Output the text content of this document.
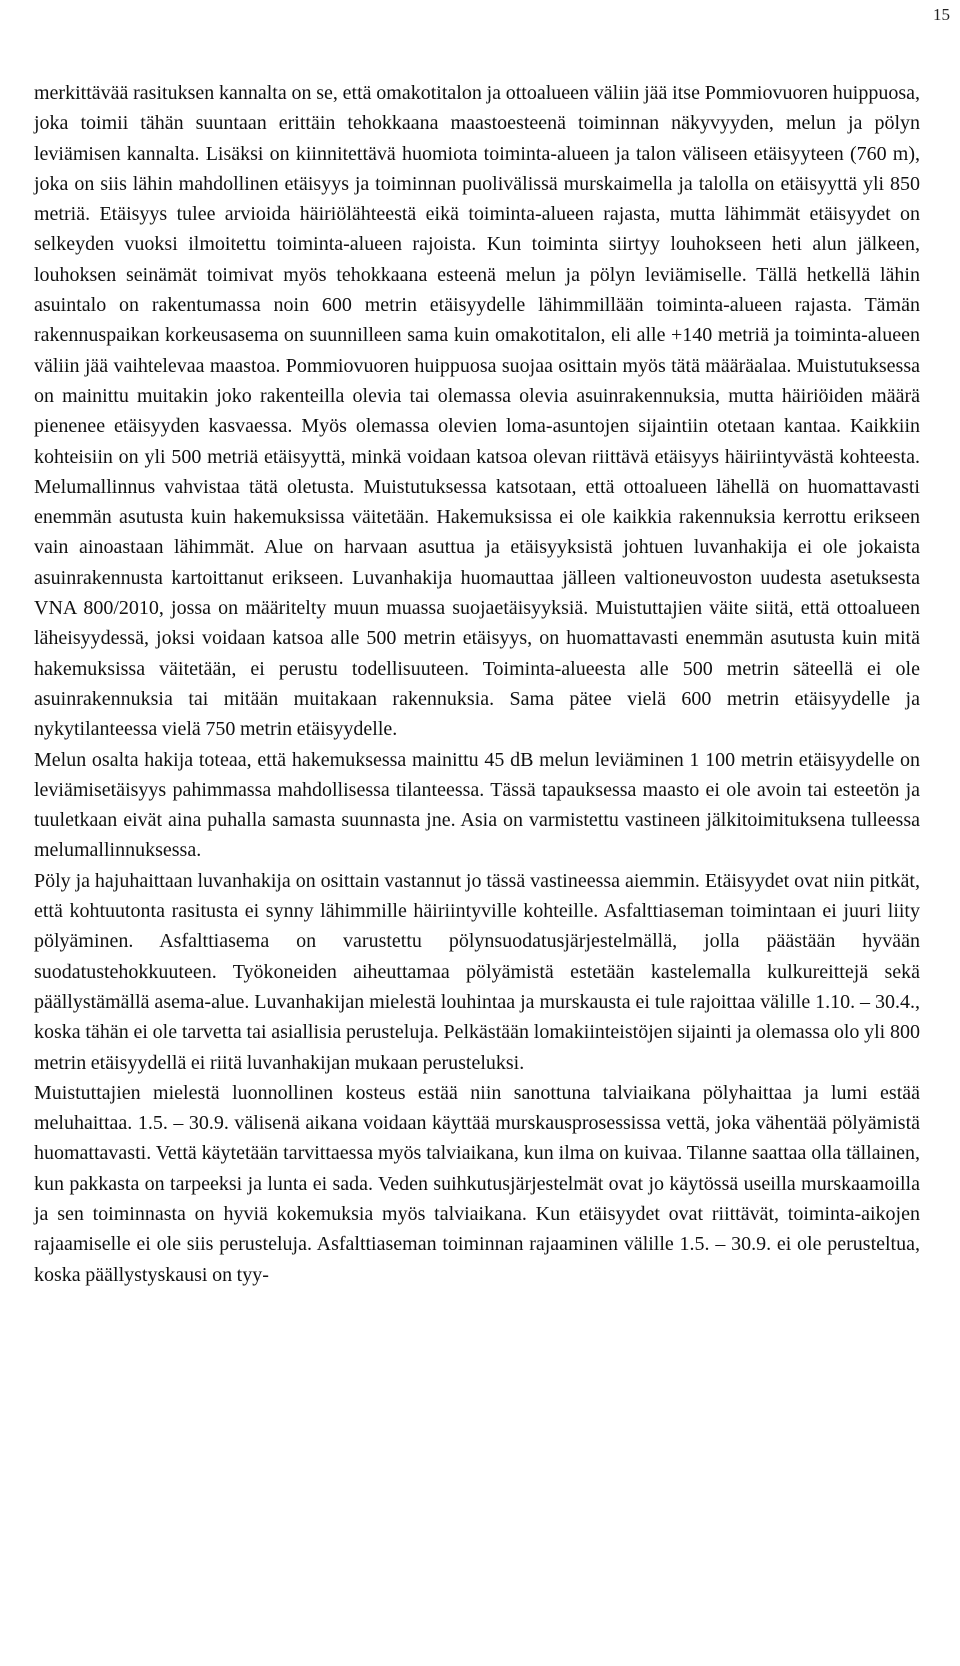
15

merkittävää rasituksen kannalta on se, että omakotitalon ja ottoalueen väliin jää itse Pommiovuoren huippuosa, joka toimii tähän suuntaan erittäin tehokkaana maastoesteenä toiminnan näkyvyyden, melun ja pölyn leviämisen kannalta. Lisäksi on kiinnitettävä huomiota toiminta-alueen ja talon väliseen etäisyyteen (760 m), joka on siis lähin mahdollinen etäisyys ja toiminnan puolivälissä murskaimella ja talolla on etäisyyttä yli 850 metriä. Etäisyys tulee arvioida häiriölähteestä eikä toiminta-alueen rajasta, mutta lähimmät etäisyydet on selkeyden vuoksi ilmoitettu toiminta-alueen rajoista. Kun toiminta siirtyy louhokseen heti alun jälkeen, louhoksen seinämät toimivat myös tehokkaana esteenä melun ja pölyn leviämiselle. Tällä hetkellä lähin asuintalo on rakentumassa noin 600 metrin etäisyydelle lähimmillään toiminta-alueen rajasta. Tämän rakennuspaikan korkeusasema on suunnilleen sama kuin omakotitalon, eli alle +140 metriä ja toiminta-alueen väliin jää vaihtelevaa maastoa. Pommiovuoren huippuosa suojaa osittain myös tätä määräalaa. Muistutuksessa on mainittu muitakin joko rakenteilla olevia tai olemassa olevia asuinrakennuksia, mutta häiriöiden määrä pienenee etäisyyden kasvaessa. Myös olemassa olevien loma-asuntojen sijaintiin otetaan kantaa. Kaikkiin kohteisiin on yli 500 metriä etäisyyttä, minkä voidaan katsoa olevan riittävä etäisyys häiriintyvästä kohteesta. Melumallinnus vahvistaa tätä oletusta. Muistutuksessa katsotaan, että ottoalueen lähellä on huomattavasti enemmän asutusta kuin hakemuksissa väitetään. Hakemuksissa ei ole kaikkia rakennuksia kerrottu erikseen vain ainoastaan lähimmät. Alue on harvaan asuttua ja etäisyyksistä johtuen luvanhakija ei ole jokaista asuinrakennusta kartoittanut erikseen. Luvanhakija huomauttaa jälleen valtioneuvoston uudesta asetuksesta VNA 800/2010, jossa on määritelty muun muassa suojaetäisyyksiä. Muistuttajien väite siitä, että ottoalueen läheisyydessä, joksi voidaan katsoa alle 500 metrin etäisyys, on huomattavasti enemmän asutusta kuin mitä hakemuksissa väitetään, ei perustu todellisuuteen. Toiminta-alueesta alle 500 metrin säteellä ei ole asuinrakennuksia tai mitään muitakaan rakennuksia. Sama pätee vielä 600 metrin etäisyydelle ja nykytilanteessa vielä 750 metrin etäisyydelle.

Melun osalta hakija toteaa, että hakemuksessa mainittu 45 dB melun leviäminen 1 100 metrin etäisyydelle on leviämisetäisyys pahimmassa mahdollisessa tilanteessa. Tässä tapauksessa maasto ei ole avoin tai esteetön ja tuuletkaan eivät aina puhalla samasta suunnasta jne. Asia on varmistettu vastineen jälkitoimituksena tulleessa melumallinnuksessa.

Pöly ja hajuhaittaan luvanhakija on osittain vastannut jo tässä vastineessa aiemmin. Etäisyydet ovat niin pitkät, että kohtuutonta rasitusta ei synny lähimmille häiriintyville kohteille. Asfalttiaseman toimintaan ei juuri liity pölyäminen. Asfalttiasema on varustettu pölynsuodatusjärjestelmällä, jolla päästään hyvään suodatustehokkuuteen. Työkoneiden aiheuttamaa pölyämistä estetään kastelemalla kulkureittejä sekä päällystämällä asema-alue. Luvanhakijan mielestä louhintaa ja murskausta ei tule rajoittaa välille 1.10. – 30.4., koska tähän ei ole tarvetta tai asiallisia perusteluja. Pelkästään lomakiinteistöjen sijainti ja olemassa olo yli 800 metrin etäisyydellä ei riitä luvanhakijan mukaan perusteluksi.

Muistuttajien mielestä luonnollinen kosteus estää niin sanottuna talviaikana pölyhaittaa ja lumi estää meluhaittaa. 1.5. – 30.9. välisenä aikana voidaan käyttää murskausprosessissa vettä, joka vähentää pölyämistä huomattavasti. Vettä käytetään tarvittaessa myös talviaikana, kun ilma on kuivaa. Tilanne saattaa olla tällainen, kun pakkasta on tarpeeksi ja lunta ei sada. Veden suihkutusjärjestelmät ovat jo käytössä useilla murskaamoilla ja sen toiminnasta on hyviä kokemuksia myös talviaikana. Kun etäisyydet ovat riittävät, toiminta-aikojen rajaamiselle ei ole siis perusteluja. Asfalttiaseman toiminnan rajaaminen välille 1.5. – 30.9. ei ole perusteltua, koska päällystyskausi on tyy-
